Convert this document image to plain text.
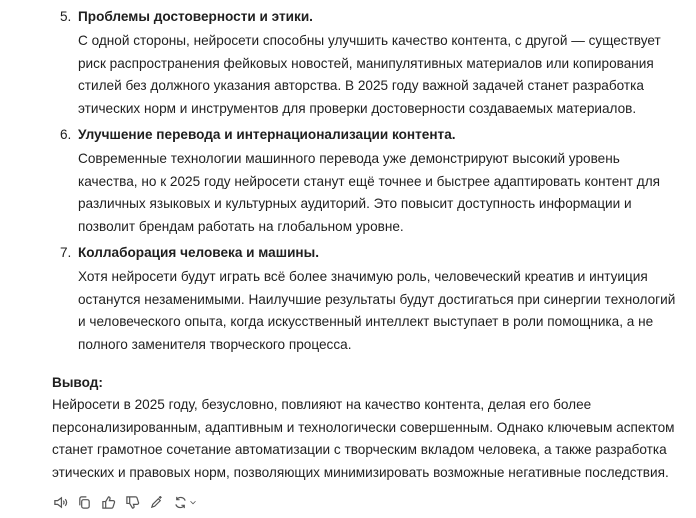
5. Проблемы достоверности и этики.
С одной стороны, нейросети способны улучшить качество контента, с другой — существует
риск распространения фейковых новостей, манипулятивных материалов или копирования
стилей без должного указания авторства. В 2025 году важной задачей станет разработка
этических норм и инструментов для проверки достоверности создаваемых материалов.
6. Улучшение перевода и интернационализации контента.
Современные технологии машинного перевода уже демонстрируют высокий уровень
качества, но к 2025 году нейросети станут ещё точнее и быстрее адаптировать контент для
различных языковых и культурных аудиторий. Это повысит доступность информации и
позволит брендам работать на глобальном уровне.
7. Коллаборация человека и машины.
Хотя нейросети будут играть всё более значимую роль, человеческий креатив и интуиция
останутся незаменимыми. Наилучшие результаты будут достигаться при синергии технологий
и человеческого опыта, когда искусственный интеллект выступает в роли помощника, а не
полного заменителя творческого процесса.
Вывод:
Нейросети в 2025 году, безусловно, повлияют на качество контента, делая его более
персонализированным, адаптивным и технологически совершенным. Однако ключевым аспектом
станет грамотное сочетание автоматизации с творческим вкладом человека, а также разработка
этических и правовых норм, позволяющих минимизировать возможные негативные последствия.
